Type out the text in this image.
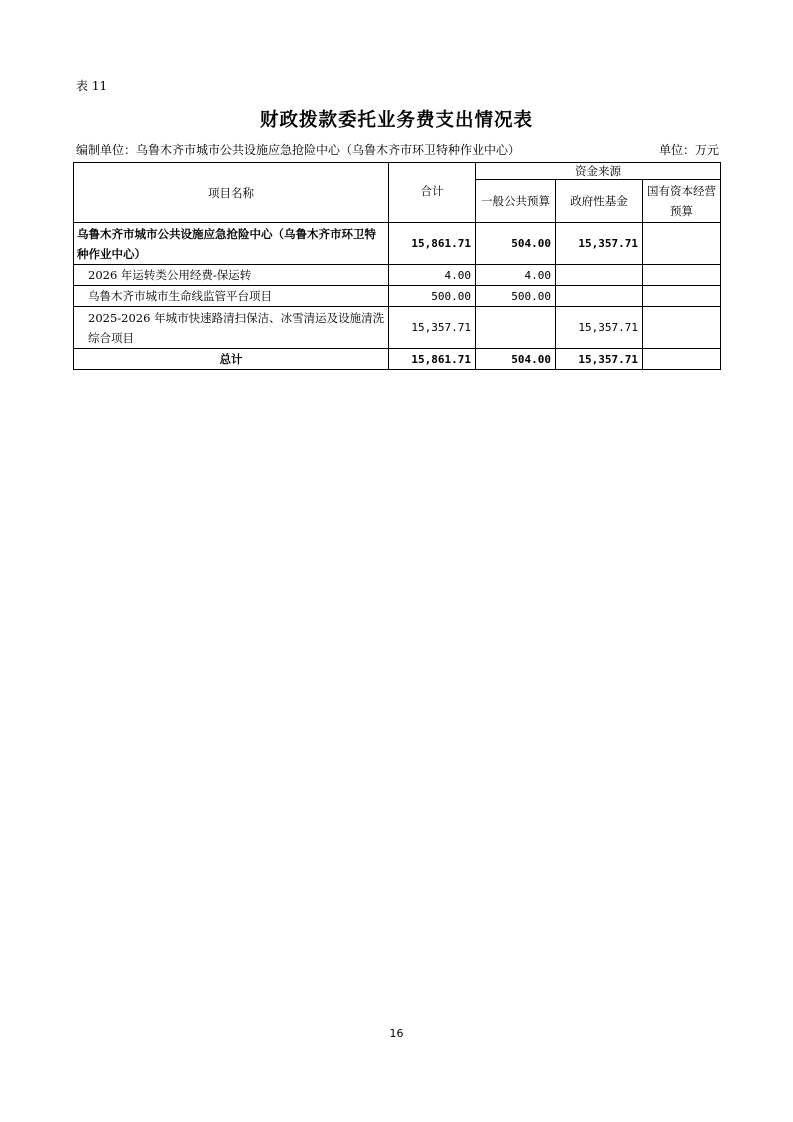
表 11
财政拨款委托业务费支出情况表
编制单位：乌鲁木齐市城市公共设施应急抢险中心（乌鲁木齐市环卫特种作业中心）	单位：万元
项目名称	合计	资金来源		
		一般公共预算	政府性基金	国有资本经营预算
乌鲁木齐市城市公共设施应急抢险中心（乌鲁木齐市环卫特种作业中心）	15,861.71	504.00	15,357.71	
2026 年运转类公用经费-保运转	4.00	4.00		
乌鲁木齐市城市生命线监管平台项目	500.00	500.00		
2025-2026 年城市快速路清扫保洁、冰雪清运及设施清洗综合项目	15,357.71		15,357.71	
总计	15,861.71	504.00	15,357.71	
16
